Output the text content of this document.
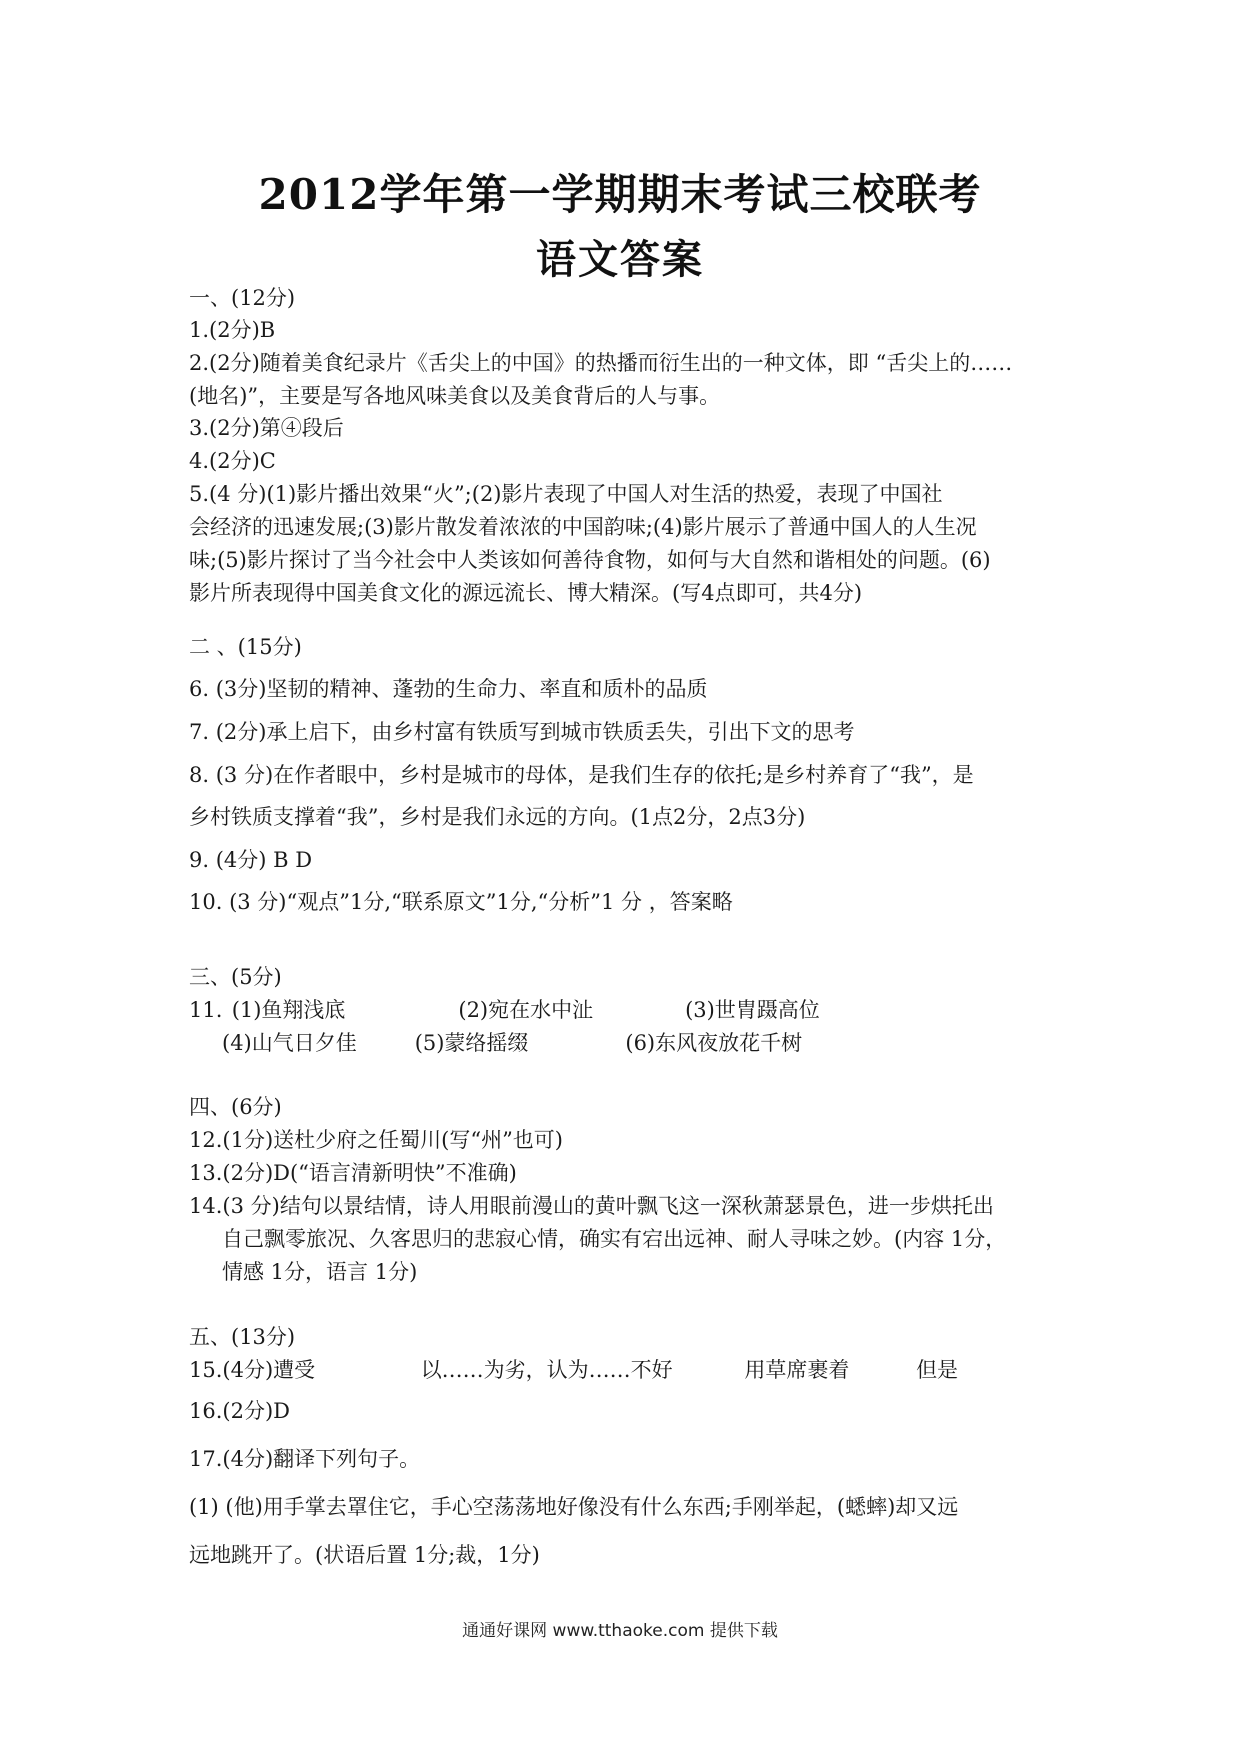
2012学年第一学期期末考试三校联考
语文答案

一、(12分)

1.(2分)B

2.(2分)随着美食纪录片《舌尖上的中国》的热播而衍生出的一种文体，即 “舌尖上的……

(地名)”，主要是写各地风味美食以及美食背后的人与事。

3.(2分)第④段后

4.(2分)C

5.(4 分)(1)影片播出效果“火”;(2)影片表现了中国人对生活的热爱，表现了中国社

会经济的迅速发展;(3)影片散发着浓浓的中国韵味;(4)影片展示了普通中国人的人生况

味;(5)影片探讨了当今社会中人类该如何善待食物，如何与大自然和谐相处的问题。(6)

影片所表现得中国美食文化的源远流长、博大精深。(写4点即可，共4分)

二 、(15分)

6. (3分)坚韧的精神、蓬勃的生命力、率直和质朴的品质

7. (2分)承上启下，由乡村富有铁质写到城市铁质丢失，引出下文的思考

8. (3 分)在作者眼中，乡村是城市的母体，是我们生存的依托;是乡村养育了“我”，是

乡村铁质支撑着“我”，乡村是我们永远的方向。(1点2分，2点3分)

9. (4分) B D

10. (3 分)“观点”1分,“联系原文”1分,“分析”1 分 ，答案略

三、(5分)

11. (1)鱼翔浅底	(2)宛在水中沚	(3)世胄蹑高位
(4)山气日夕佳	(5)蒙络摇缀	(6)东风夜放花千树

四、(6分)

12.(1分)送杜少府之任蜀川(写“州”也可)

13.(2分)D(“语言清新明快”不准确)

14.(3 分)结句以景结情，诗人用眼前漫山的黄叶飘飞这一深秋萧瑟景色，进一步烘托出

自己飘零旅况、久客思归的悲寂心情，确实有宕出远神、耐人寻味之妙。(内容 1分，

情感 1分，语言 1分)

五、(13分)

15.(4分)遭受	以……为劣，认为……不好	用草席裹着	但是

16.(2分)D

17.(4分)翻译下列句子。

(1) (他)用手掌去罩住它，手心空荡荡地好像没有什么东西;手刚举起，(蟋蟀)却又远

远地跳开了。(状语后置 1分;裁，1分)

通通好课网 www.tthaoke.com 提供下载
